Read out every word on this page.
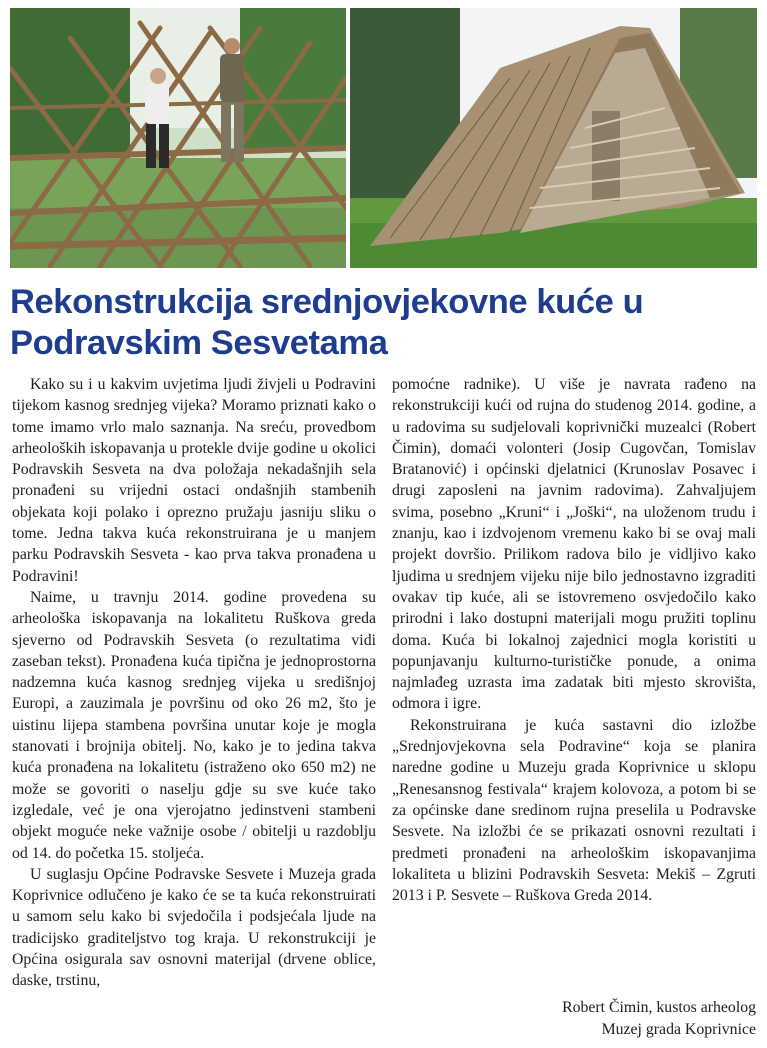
Rekonstrukcija srednjovjekovne kuće u
Podravskim Sesvetama

Kako su i u kakvim uvjetima ljudi živjeli u Podravini tijekom kasnog srednjeg vijeka? Moramo priznati kako o tome imamo vrlo malo saznanja. Na sreću, provedbom arheoloških iskopavanja u protekle dvije godine u okolici Podravskih Sesveta na dva položaja nekadašnjih sela pronađeni su vrijedni ostaci ondašnjih stambenih objekata koji polako i oprezno pružaju jasniju sliku o tome. Jedna takva kuća rekonstruirana je u manjem parku Podravskih Sesveta - kao prva takva pronađena u Podravini!

Naime, u travnju 2014. godine provedena su arheološka iskopavanja na lokalitetu Ruškova greda sjeverno od Podravskih Sesveta (o rezultatima vidi zaseban tekst). Pronađena kuća tipična je jednoprostorna nadzemna kuća kasnog srednjeg vijeka u središnjoj Europi, a zauzimala je površinu od oko 26 m2, što je uistinu lijepa stambena površina unutar koje je mogla stanovati i brojnija obitelj. No, kako je to jedina takva kuća pronađena na lokalitetu (istraženo oko 650 m2) ne može se govoriti o naselju gdje su sve kuće tako izgledale, već je ona vjerojatno jedinstveni stambeni objekt moguće neke važnije osobe / obitelji u razdoblju od 14. do početka 15. stoljeća.

U suglasju Općine Podravske Sesvete i Muzeja grada Koprivnice odlučeno je kako će se ta kuća rekonstruirati u samom selu kako bi svjedočila i podsjećala ljude na tradicijsko graditeljstvo tog kraja. U rekonstrukciji je Općina osigurala sav osnovni materijal (drvene oblice, daske, trstinu,

pomoćne radnike). U više je navrata rađeno na rekonstrukciji kući od rujna do studenog 2014. godine, a u radovima su sudjelovali koprivnički muzealci (Robert Čimin), domaći volonteri (Josip Cugovčan, Tomislav Bratanović) i općinski djelatnici (Krunoslav Posavec i drugi zaposleni na javnim radovima). Zahvaljujem svima, posebno „Kruni“ i „Joški“, na uloženom trudu i znanju, kao i izdvojenom vremenu kako bi se ovaj mali projekt dovršio. Prilikom radova bilo je vidljivo kako ljudima u srednjem vijeku nije bilo jednostavno izgraditi ovakav tip kuće, ali se istovremeno osvjedočilo kako prirodni i lako dostupni materijali mogu pružiti toplinu doma. Kuća bi lokalnoj zajednici mogla koristiti u popunjavanju kulturno-turističke ponude, a onima najmlađeg uzrasta ima zadatak biti mjesto skrovišta, odmora i igre.

Rekonstruirana je kuća sastavni dio izložbe „Srednjovjekovna sela Podravine“ koja se planira naredne godine u Muzeju grada Koprivnice u sklopu „Renesansnog festivala“ krajem kolovoza, a potom bi se za općinske dane sredinom rujna preselila u Podravske Sesvete. Na izložbi će se prikazati osnovni rezultati i predmeti pronađeni na arheološkim iskopavanjima lokaliteta u blizini Podravskih Sesveta: Mekiš – Zgruti 2013 i P. Sesvete – Ruškova Greda 2014.

Robert Čimin, kustos arheolog
Muzej grada Koprivnice
